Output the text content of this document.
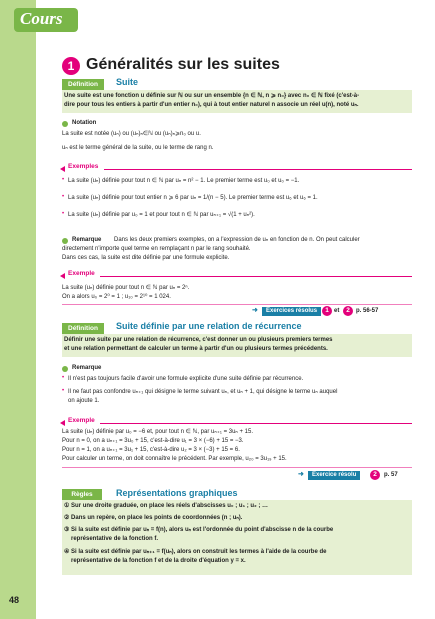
Cours
48
1 Généralités sur les suites
Définition	Suite
Une suite est une fonction u définie sur ℕ ou sur un ensemble {n ∈ ℕ, n ⩾ n₀} avec n₀ ∈ ℕ fixé (c'est-à-
dire pour tous les entiers à partir d'un entier n₀), qui à tout entier naturel n associe un réel u(n), noté uₙ.
Notation
La suite est notée (uₙ) ou (uₙ)ₙ∈ℕ ou (uₙ)ₙ⩾n₀ ou u.
uₙ est le terme général de la suite, ou le terme de rang n.
Exemples
• La suite (uₙ) définie pour tout n ∈ ℕ par uₙ = n² − 1. Le premier terme est u₀ et u₀ = −1.
• La suite (uₙ) définie pour tout entier n ⩾ 6 par uₙ = 1/(n − 5). Le premier terme est u₆ et u₆ = 1.
• La suite (uₙ) définie par u₀ = 1 et pour tout n ∈ ℕ par uₙ₊₁ = √(1 + uₙ²).
Remarque Dans les deux premiers exemples, on a l'expression de uₙ en fonction de n. On peut calculer
directement n'importe quel terme en remplaçant n par le rang souhaité.
Dans ces cas, la suite est dite définie par une formule explicite.
Exemple
La suite (uₙ) définie pour tout n ∈ ℕ par uₙ = 2ⁿ.
On a alors u₀ = 2⁰ = 1 ; u₁₀ = 2¹⁰ = 1 024.
➜	Exercices résolus	1 et	2	p. 56-57
Définition	Suite définie par une relation de récurrence
Définir une suite par une relation de récurrence, c'est donner un ou plusieurs premiers termes
et une relation permettant de calculer un terme à partir d'un ou plusieurs termes précédents.
Remarque
• Il n'est pas toujours facile d'avoir une formule explicite d'une suite définie par récurrence.
• Il ne faut pas confondre uₙ₊₁ qui désigne le terme suivant uₙ, et uₙ + 1, qui désigne le terme uₙ auquel
on ajoute 1.
Exemple
La suite (uₙ) définie par u₀ = −6 et, pour tout n ∈ ℕ, par uₙ₊₁ = 3uₙ + 15.
Pour n = 0, on a uₙ₊₁ = 3u₀ + 15, c'est-à-dire u₁ = 3 × (−6) + 15 = −3.
Pour n = 1, on a uₙ₊₁ = 3u₁ + 15, c'est-à-dire u₂ = 3 × (−3) + 15 = 6.
Pour calculer un terme, on doit connaître le précédent. Par exemple, u₂₀ = 3u₁₉ + 15.
➜	Exercice résolu	2	p. 57
Règles	Représentations graphiques
① Sur une droite graduée, on place les réels d'abscisses u₀ ; u₁ ; u₂ ; …
② Dans un repère, on place les points de coordonnées (n ; uₙ).
③ Si la suite est définie par uₙ = f(n), alors uₙ est l'ordonnée du point d'abscisse n de la courbe
représentative de la fonction f.
④ Si la suite est définie par uₙ₊₁ = f(uₙ), alors on construit les termes à l'aide de la courbe de
représentative de la fonction f et de la droite d'équation y = x.
